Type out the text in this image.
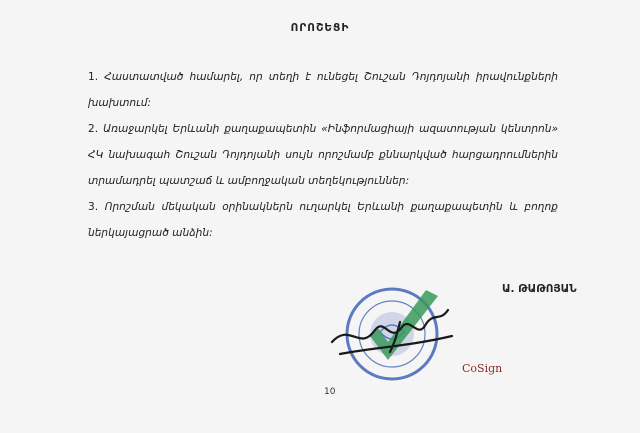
ՈՐՈՇԵՑԻ
1. Հաստատված համարել, որ տեղի է ունեցել Շուշան Դոյդոյանի իրավունքների խախտում:
2. Առաջարկել Երևանի քաղաքապետին «Ինֆորմացիայի ազատության կենտրոն» ՀԿ նախագահ Շուշան Դոյդոյանի սույն որոշմամբ քննարկված հարցադրումներին տրամադրել պատշաճ և ամբողջական տեղեկություններ:
3. Որոշման մեկական օրինակներն ուղարկել Երևանի քաղաքապետին և բողոք ներկայացրած անձին:
Ա. ԹԱԹՈՅԱՆ
10
CoSign
